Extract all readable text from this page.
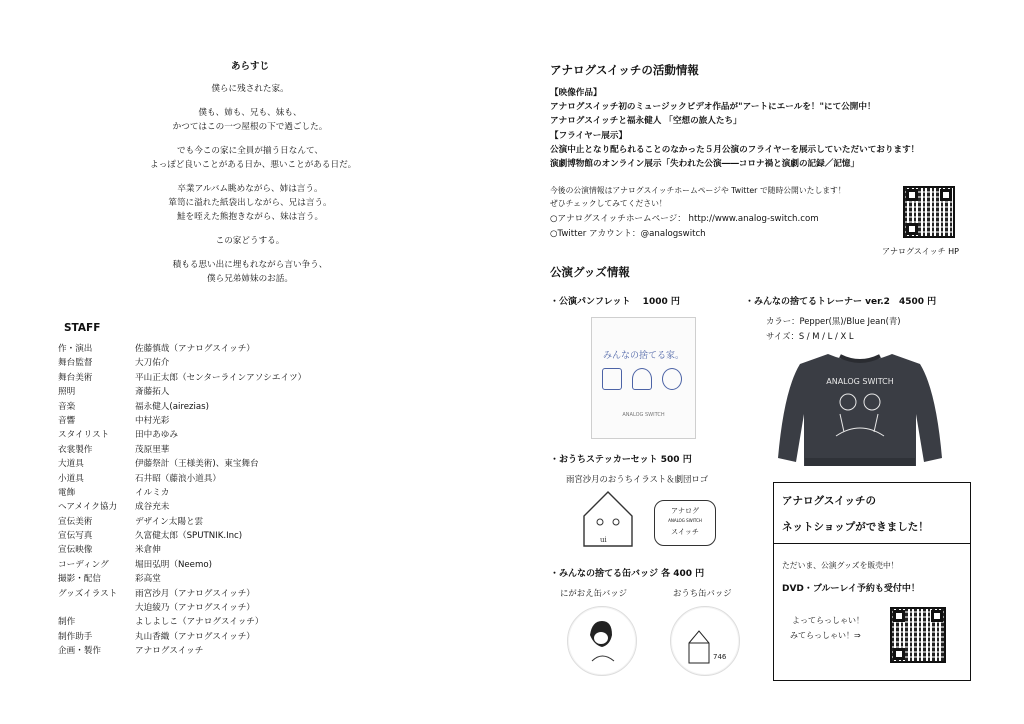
あらすじ
僕らに残された家。
僕も、姉も、兄も、妹も、
かつてはこの一つ屋根の下で過ごした。
でも今この家に全員が揃う日なんて、
よっぽど良いことがある日か、悪いことがある日だ。
卒業アルバム眺めながら、姉は言う。
箪笥に溢れた紙袋出しながら、兄は言う。
鮭を咥えた熊抱きながら、妹は言う。
この家どうする。
積もる思い出に埋もれながら言い争う、
僕ら兄弟姉妹のお話。
STAFF
作・演出	佐藤慎哉（アナログスイッチ）
舞台監督	大刀佑介
舞台美術	平山正太郎（センターラインアソシエイツ）
照明	斎藤拓人
音楽	福永健人(airezias)
音響	中村光彩
スタイリスト	田中あゆみ
衣裳製作	茂原里華
大道具	伊藤祭計（王様美術)、東宝舞台
小道具	石井昭（藤浪小道具）
電飾	イルミカ
ヘアメイク協力	成谷充未
宣伝美術	デザイン太陽と雲
宣伝写真	久富健太郎（SPUTNIK.Inc)
宣伝映像	米倉伸
コーディング	堀田弘明（Neemo)
撮影・配信	彩高堂
グッズイラスト	雨宮沙月（アナログスイッチ）
大迫綾乃（アナログスイッチ）
制作	よしよしこ（アナログスイッチ）
制作助手	丸山香織（アナログスイッチ）
企画・製作	アナログスイッチ
アナログスイッチの活動情報
【映像作品】
アナログスイッチ初のミュージックビデオ作品が"アートにエールを！"にて公開中！
アナログスイッチと福永健人 「空想の旅人たち」
【フライヤー展示】
公演中止となり配られることのなかった５月公演のフライヤーを展示していただいております！
演劇博物館のオンライン展示「失われた公演――コロナ禍と演劇の記録／記憶」
今後の公演情報はアナログスイッチホームページや Twitter で随時公開いたします！
ぜひチェックしてみてください！
○アナログスイッチホームページ： http://www.analog-switch.com
○Twitter アカウント：@analogswitch
アナログスイッチ HP
公演グッズ情報
・公演パンフレット　 1000 円
みんなの捨てる家。
ANALOG SWITCH
・みんなの捨てるトレーナー ver.2　4500 円
カラー：Pepper(黒)/Blue Jean(青)
サイズ：S / M / L / X L
ANALOG SWITCH
・おうちステッカーセット 500 円
雨宮沙月のおうちイラスト＆劇団ロゴ
ui
アナログ
ANALOG SWITCH
スイッチ
・みんなの捨てる缶バッジ 各 400 円
にがおえ缶バッジ	おうち缶バッジ
746
アナログスイッチの
ネットショップができました！
ただいま、公演グッズを販売中！
DVD・ブルーレイ予約も受付中！
よってらっしゃい！
みてらっしゃい！⇒
